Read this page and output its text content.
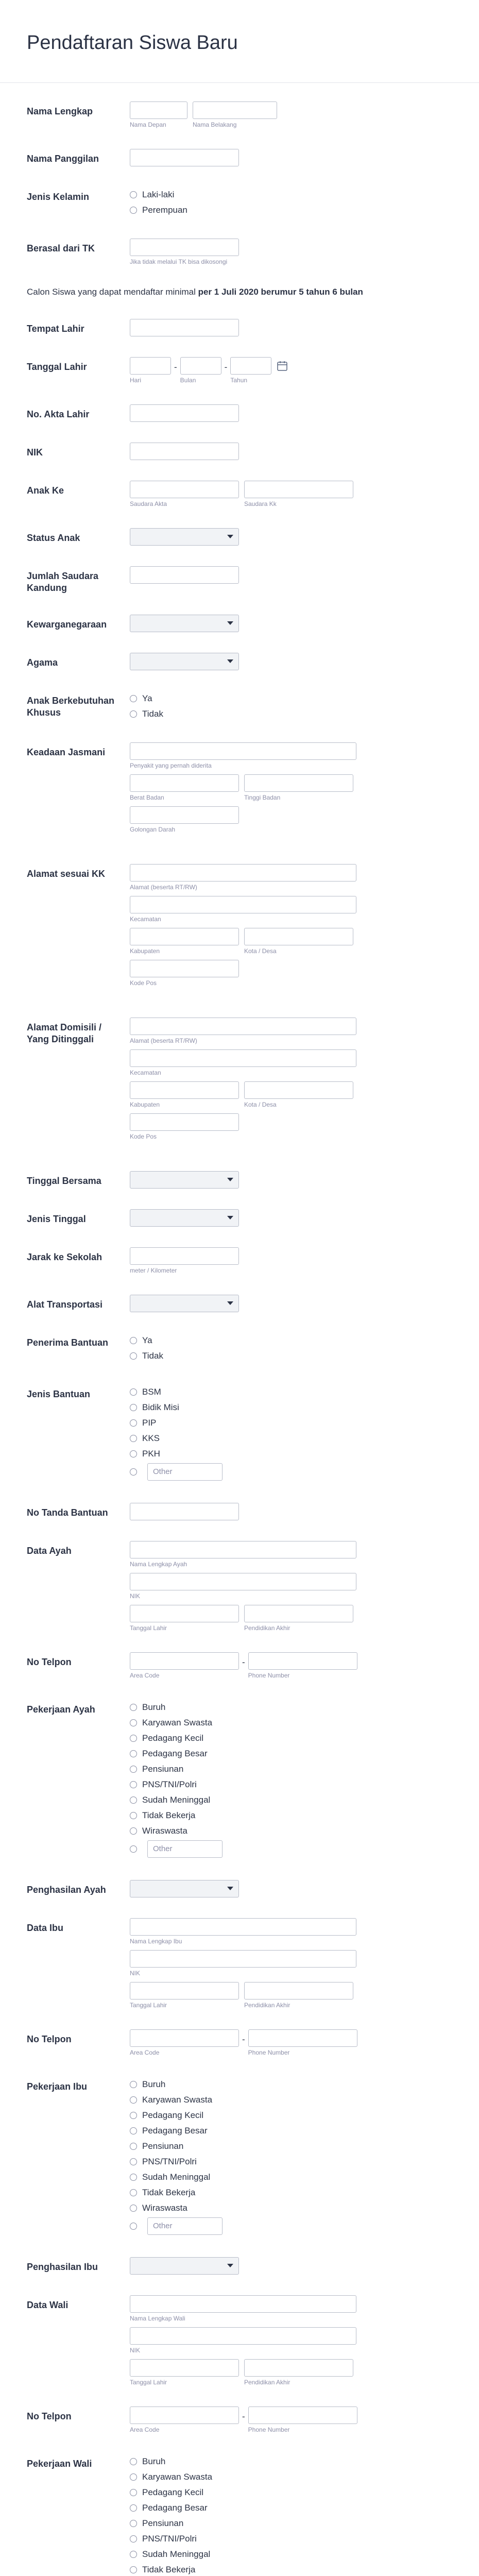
Pendaftaran Siswa Baru
Nama Lengkap
Nama Depan	Nama Belakang
Nama Panggilan
Jenis Kelamin	Laki-laki
Perempuan
Berasal dari TK
Jika tidak melalui TK bisa dikosongi
Calon Siswa yang dapat mendaftar minimal per 1 Juli 2020 berumur 5 tahun 6 bulan
Tempat Lahir
Tanggal Lahir
Hari
-
Bulan
-
Tahun
No. Akta Lahir
NIK
Anak Ke
Saudara Akta	Saudara Kk
Status Anak
Jumlah Saudara Kandung
Kewarganegaraan
Agama
Anak Berkebutuhan Khusus
Ya
Tidak
Keadaan Jasmani
Penyakit yang pernah diderita
Berat Badan	Tinggi Badan
Golongan Darah
Alamat sesuai KK
Alamat (beserta RT/RW)
Kecamatan
Kabupaten	Kota / Desa
Kode Pos
Alamat Domisili / Yang Ditinggali	Alamat (beserta RT/RW)
Kecamatan
Kabupaten	Kota / Desa
Kode Pos
Tinggal Bersama
Jenis Tinggal
Jarak ke Sekolah
meter / Kilometer
Alat Transportasi
Penerima Bantuan	Ya
Tidak
Jenis Bantuan	BSM
Bidik Misi
PIP
KKS
PKH
Other
No Tanda Bantuan
Data Ayah
Nama Lengkap Ayah
NIK
Tanggal Lahir	Pendidikan Akhir
No Telpon
Area Code
-
Phone Number
Pekerjaan Ayah	Buruh
Karyawan Swasta
Pedagang Kecil
Pedagang Besar
Pensiunan
PNS/TNI/Polri
Sudah Meninggal
Tidak Bekerja
Wiraswasta
Other
Penghasilan Ayah
Data Ibu
Nama Lengkap Ibu
NIK
Tanggal Lahir	Pendidikan Akhir
No Telpon
Area Code
-
Phone Number
Pekerjaan Ibu	Buruh
Karyawan Swasta
Pedagang Kecil
Pedagang Besar
Pensiunan
PNS/TNI/Polri
Sudah Meninggal
Tidak Bekerja
Wiraswasta
Other
Penghasilan Ibu
Data Wali
Nama Lengkap Wali
NIK
Tanggal Lahir	Pendidikan Akhir
No Telpon
Area Code
-
Phone Number
Pekerjaan Wali	Buruh
Karyawan Swasta
Pedagang Kecil
Pedagang Besar
Pensiunan
PNS/TNI/Polri
Sudah Meninggal
Tidak Bekerja
